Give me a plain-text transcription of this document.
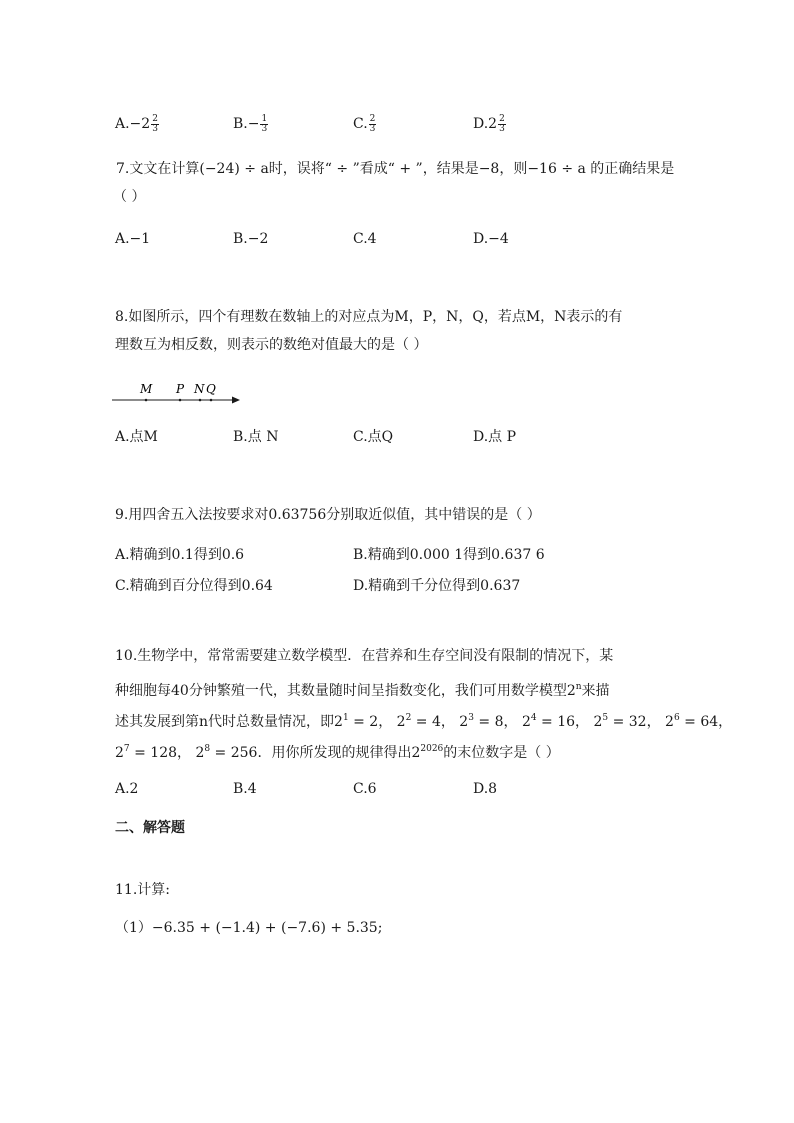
$A.-2 \frac{2}{3}$	$B.- \frac{1}{3}$	C. $\frac{2}{3}$	$D.2 \frac{2}{3}$
7.文文在计算(−24) ÷ a时，误将“ ÷ ”看成“ + ”，结果是−8，则−16 ÷ a 的正确结果是
（ ）
A.−1	B.−2	C.4	D.−4
8.如图所示，四个有理数在数轴上的对应点为M，P，N，Q，若点M，N表示的有
理数互为相反数，则表示的数绝对值最大的是（ ）
M P N Q
A.点M	B.点 N	C.点Q	D.点 P
9.用四舍五入法按要求对0.63756分别取近似值，其中错误的是（ ）
A.精确到0.1得到0.6	B.精确到0.000 1得到0.637 6
C.精确到百分位得到0.64	D.精确到千分位得到0.637
10.生物学中，常常需要建立数学模型．在营养和生存空间没有限制的情况下，某
种细胞每40分钟繁殖一代，其数量随时间呈指数变化，我们可用数学模型2$^n$来描
述其发展到第n代时总数量情况，即$2^1 = 2$， $2^2 = 4$， $2^3 = 8$， $2^4 = 16$， $2^5 = 32$， $2^6 = 64$，
$2^7 = 128$， $2^8 = 256$．用你所发现的规律得出$2^{2026}$的末位数字是（ ）
A.2	B.4	C.6	D.8
二、解答题
11.计算:
（1）−6.35 + (−1.4) + (−7.6) + 5.35;
